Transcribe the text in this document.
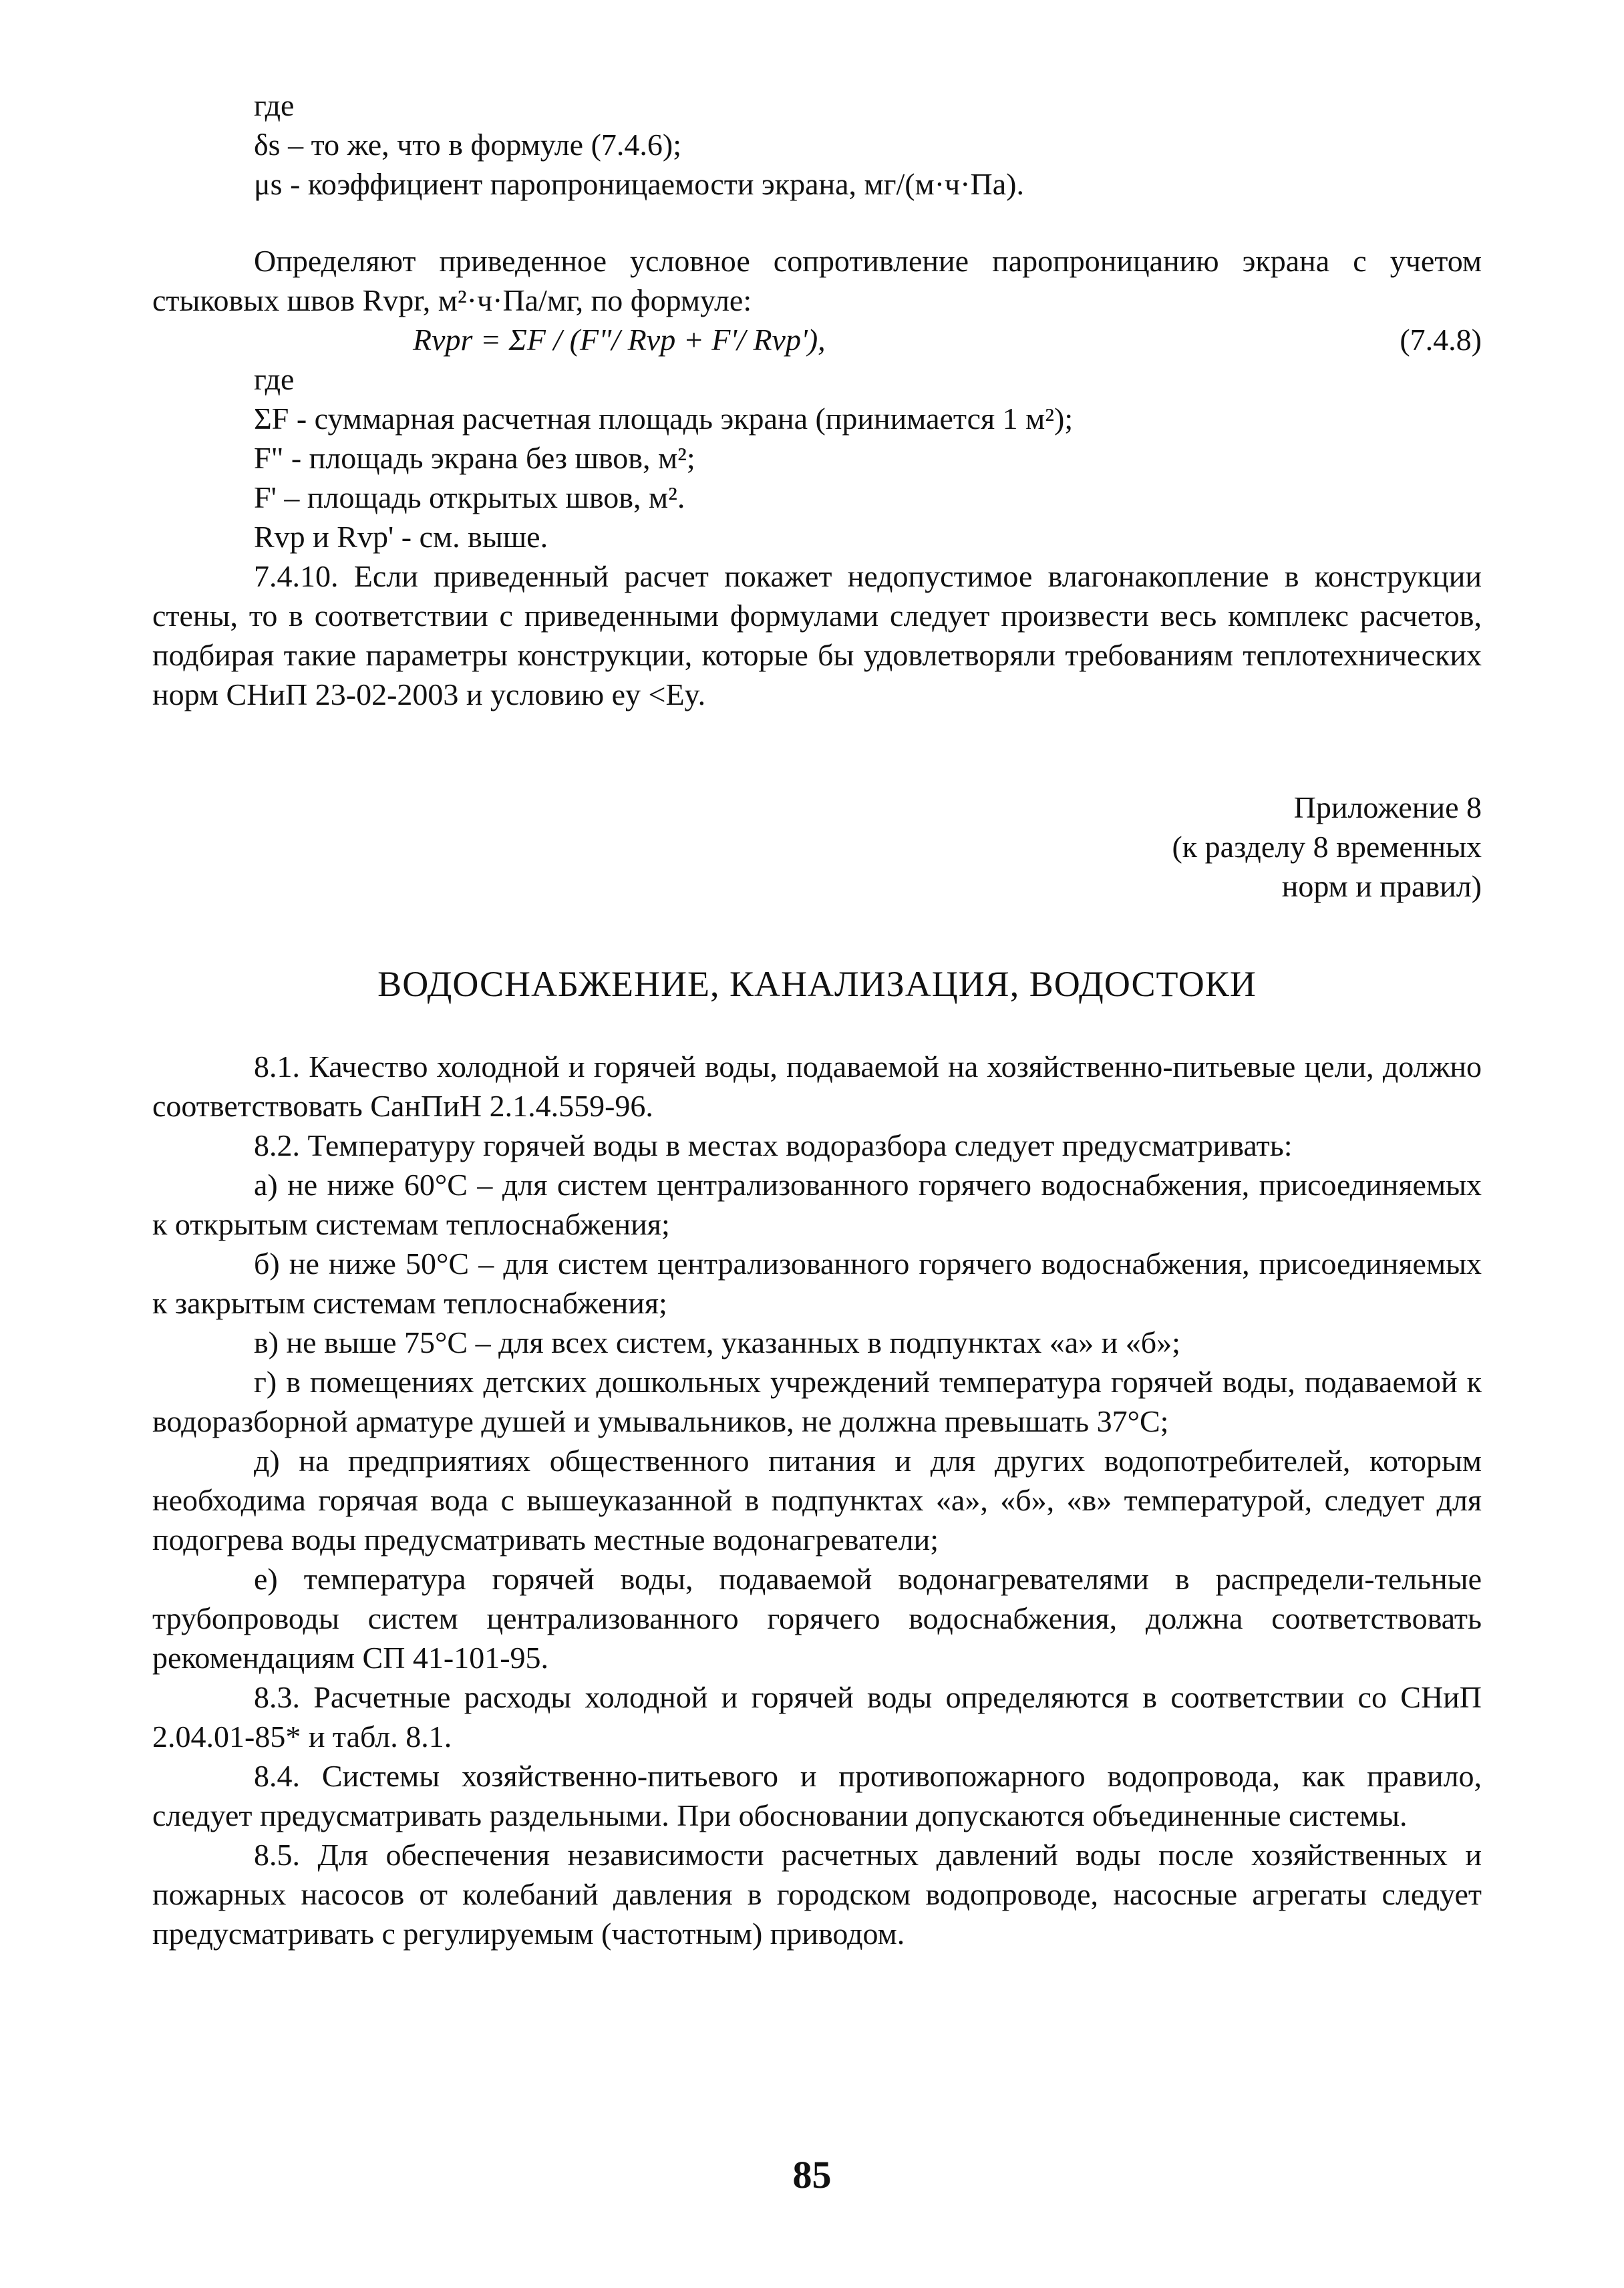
где

δs – то же, что в формуле (7.4.6);

μs - коэффициент паропроницаемости экрана, мг/(м·ч·Па).

Определяют приведенное условное сопротивление паропроницанию экрана с учетом стыковых швов Rvpr, м²·ч·Па/мг, по формуле:

Rvpr = ΣF / (F"/ Rvp + F'/ Rvp'),	(7.4.8)

где

ΣF - суммарная расчетная площадь экрана (принимается 1 м²);

F" - площадь экрана без швов, м²;

F' – площадь открытых швов, м².

Rvp и Rvp' - см. выше.

7.4.10. Если приведенный расчет покажет недопустимое влагонакопление в конструкции стены, то в соответствии с приведенными формулами следует произвести весь комплекс расчетов, подбирая такие параметры конструкции, которые бы удовлетворяли требованиям теплотехнических норм СНиП 23-02-2003 и условию ey <Ey.

Приложение 8
(к разделу 8 временных
норм и правил)
ВОДОСНАБЖЕНИЕ, КАНАЛИЗАЦИЯ, ВОДОСТОКИ

8.1. Качество холодной и горячей воды, подаваемой на хозяйственно-питьевые цели, должно соответствовать СанПиН 2.1.4.559-96.

8.2. Температуру горячей воды в местах водоразбора следует предусматривать:

а) не ниже 60°С – для систем централизованного горячего водоснабжения, присоединяемых к открытым системам теплоснабжения;

б) не ниже 50°С – для систем централизованного горячего водоснабжения, присоединяемых к закрытым системам теплоснабжения;

в) не выше 75°С – для всех систем, указанных в подпунктах «а» и «б»;

г) в помещениях детских дошкольных учреждений температура горячей воды, подаваемой к водоразборной арматуре душей и умывальников, не должна превышать 37°С;

д) на предприятиях общественного питания и для других водопотребителей, которым необходима горячая вода с вышеуказанной в подпунктах «а», «б», «в» температурой, следует для подогрева воды предусматривать местные водонагреватели;

е) температура горячей воды, подаваемой водонагревателями в распредели-тельные трубопроводы систем централизованного горячего водоснабжения, должна соответствовать рекомендациям СП 41-101-95.

8.3. Расчетные расходы холодной и горячей воды определяются в соответствии со СНиП 2.04.01-85* и табл. 8.1.

8.4. Системы хозяйственно-питьевого и противопожарного водопровода, как правило, следует предусматривать раздельными. При обосновании допускаются объединенные системы.

8.5. Для обеспечения независимости расчетных давлений воды после хозяйственных и пожарных насосов от колебаний давления в городском водопроводе, насосные агрегаты следует предусматривать с регулируемым (частотным) приводом.

85
